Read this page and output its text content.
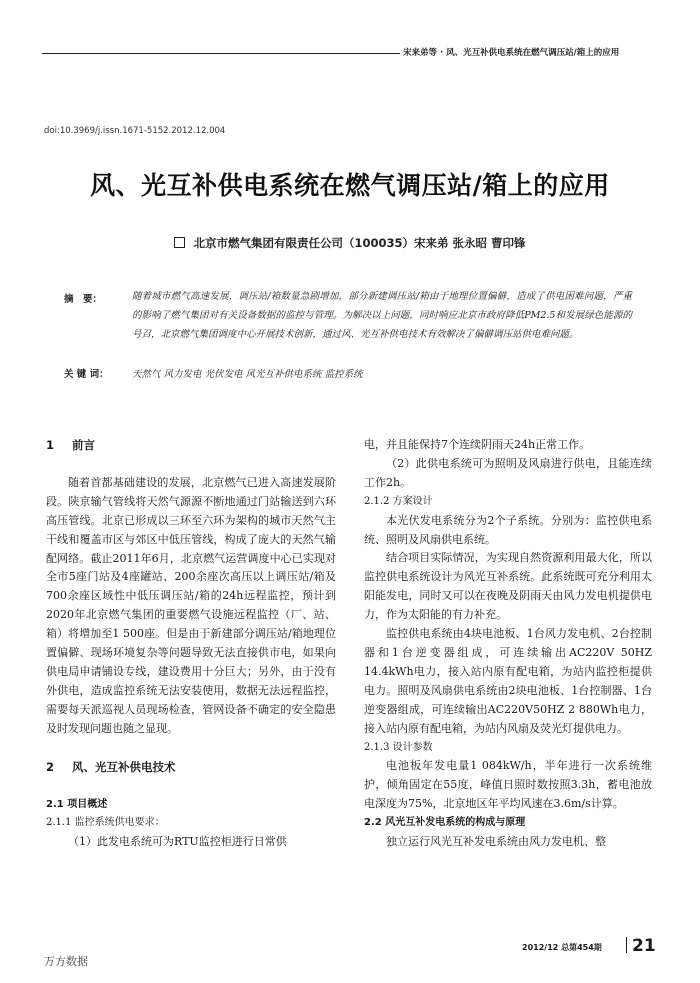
宋来弟等 · 风、光互补供电系统在燃气调压站/箱上的应用
doi:10.3969/j.issn.1671-5152.2012.12.004
风、光互补供电系统在燃气调压站/箱上的应用
北京市燃气集团有限责任公司（100035）宋来弟 张永昭 曹印锋
摘　要：	随着城市燃气高速发展，调压站/箱数量急剧增加，部分新建调压站/箱由于地理位置偏僻，造成了供电困难问题，严重的影响了燃气集团对有关设备数据的监控与管理。为解决以上问题，同时响应北京市政府降低PM2.5和发展绿色能源的号召，北京燃气集团调度中心开展技术创新，通过风、光互补供电技术有效解决了偏僻调压站供电难问题。
关 键 词： 天然气 风力发电 光伏发电 风光互补供电系统 监控系统
1 前言

随着首都基础建设的发展，北京燃气已进入高速发展阶段。陕京输气管线将天然气源源不断地通过门站输送到六环高压管线。北京已形成以三环至六环为架构的城市天然气主干线和覆盖市区与郊区中低压管线，构成了庞大的天然气输配网络。截止2011年6月，北京燃气运营调度中心已实现对全市5座门站及4座罐站、200余座次高压以上调压站/箱及700余座区域性中低压调压站/箱的24h远程监控，预计到2020年北京燃气集团的重要燃气设施远程监控（厂、站、箱）将增加至1 500座。但是由于新建部分调压站/箱地理位置偏僻、现场环境复杂等问题导致无法直接供市电，如果向供电局申请铺设专线，建设费用十分巨大；另外，由于没有外供电，造成监控系统无法安装使用，数据无法远程监控，需要每天派巡视人员现场检查，管网设备不确定的安全隐患及时发现问题也随之显现。

2 风、光互补供电技术
2.1 项目概述
2.1.1 监控系统供电要求：

（1）此发电系统可为RTU监控柜进行日常供

电，并且能保持7个连续阴雨天24h正常工作。

（2）此供电系统可为照明及风扇进行供电，且能连续工作2h。

2.1.2 方案设计

本光伏发电系统分为2个子系统。分别为：监控供电系统、照明及风扇供电系统。

结合项目实际情况，为实现自然资源利用最大化，所以监控供电系统设计为风光互补系统。此系统既可充分利用太阳能发电，同时又可以在夜晚及阴雨天由风力发电机提供电力，作为太阳能的有力补充。

监控供电系统由4块电池板、1台风力发电机、2台控制器和1台逆变器组成，可连续输出AC220V 50HZ 14.4kWh电力，接入站内原有配电箱，为站内监控柜提供电力。照明及风扇供电系统由2块电池板、1台控制器、1台逆变器组成，可连续输出AC220V50HZ 2 880Wh电力，接入站内原有配电箱，为站内风扇及荧光灯提供电力。

2.1.3 设计参数

电池板年发电量1 084kW/h，半年进行一次系统维护，倾角固定在55度，峰值日照时数按照3.3h，蓄电池放电深度为75%，北京地区年平均风速在3.6m/s计算。

2.2 风光互补发电系统的构成与原理

独立运行风光互补发电系统由风力发电机、整

2012/12 总第454期 21
万方数据
